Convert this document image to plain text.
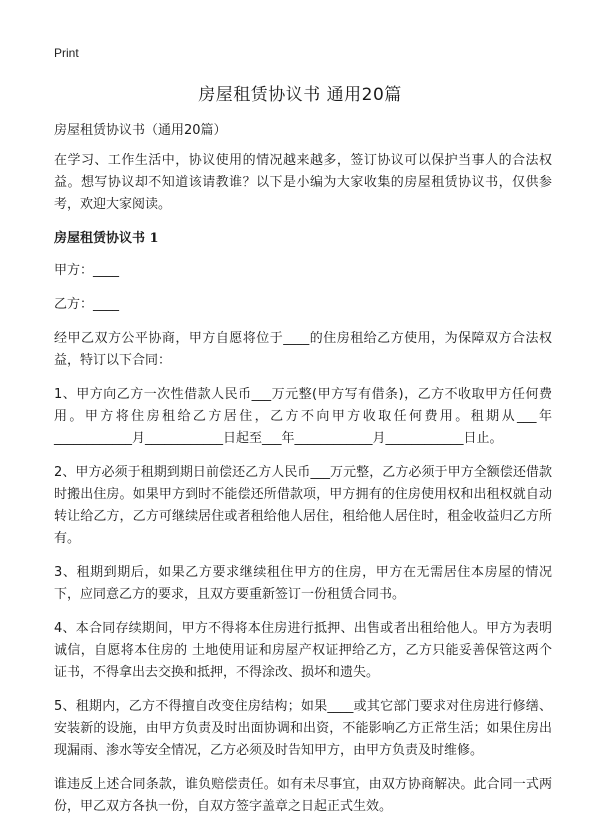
Print
房屋租赁协议书 通用20篇

房屋租赁协议书（通用20篇）

在学习、工作生活中，协议使用的情况越来越多，签订协议可以保护当事人的合法权益。想写协议却不知道该请教谁？以下是小编为大家收集的房屋租赁协议书，仅供参考，欢迎大家阅读。

房屋租赁协议书 1

甲方：____

乙方：____

经甲乙双方公平协商，甲方自愿将位于____的住房租给乙方使用，为保障双方合法权益，特订以下合同：

1、甲方向乙方一次性借款人民币___万元整(甲方写有借条)，乙方不收取甲方任何费用。甲方将住房租给乙方居住，乙方不向甲方收取任何费用。租期从___年____________月____________日起至___年____________月____________日止。

2、甲方必须于租期到期日前偿还乙方人民币___万元整，乙方必须于甲方全额偿还借款时搬出住房。如果甲方到时不能偿还所借款项，甲方拥有的住房使用权和出租权就自动转让给乙方，乙方可继续居住或者租给他人居住，租给他人居住时，租金收益归乙方所有。

3、租期到期后，如果乙方要求继续租住甲方的住房，甲方在无需居住本房屋的情况下，应同意乙方的要求，且双方要重新签订一份租赁合同书。

4、本合同存续期间，甲方不得将本住房进行抵押、出售或者出租给他人。甲方为表明诚信，自愿将本住房的 土地使用证和房屋产权证押给乙方，乙方只能妥善保管这两个证书，不得拿出去交换和抵押，不得涂改、损坏和遗失。

5、租期内，乙方不得擅自改变住房结构；如果____或其它部门要求对住房进行修缮、安装新的设施，由甲方负责及时出面协调和出资，不能影响乙方正常生活；如果住房出现漏雨、渗水等安全情况，乙方必须及时告知甲方，由甲方负责及时维修。

谁违反上述合同条款，谁负赔偿责任。如有未尽事宜，由双方协商解决。此合同一式两份，甲乙双方各执一份，自双方签字盖章之日起正式生效。
